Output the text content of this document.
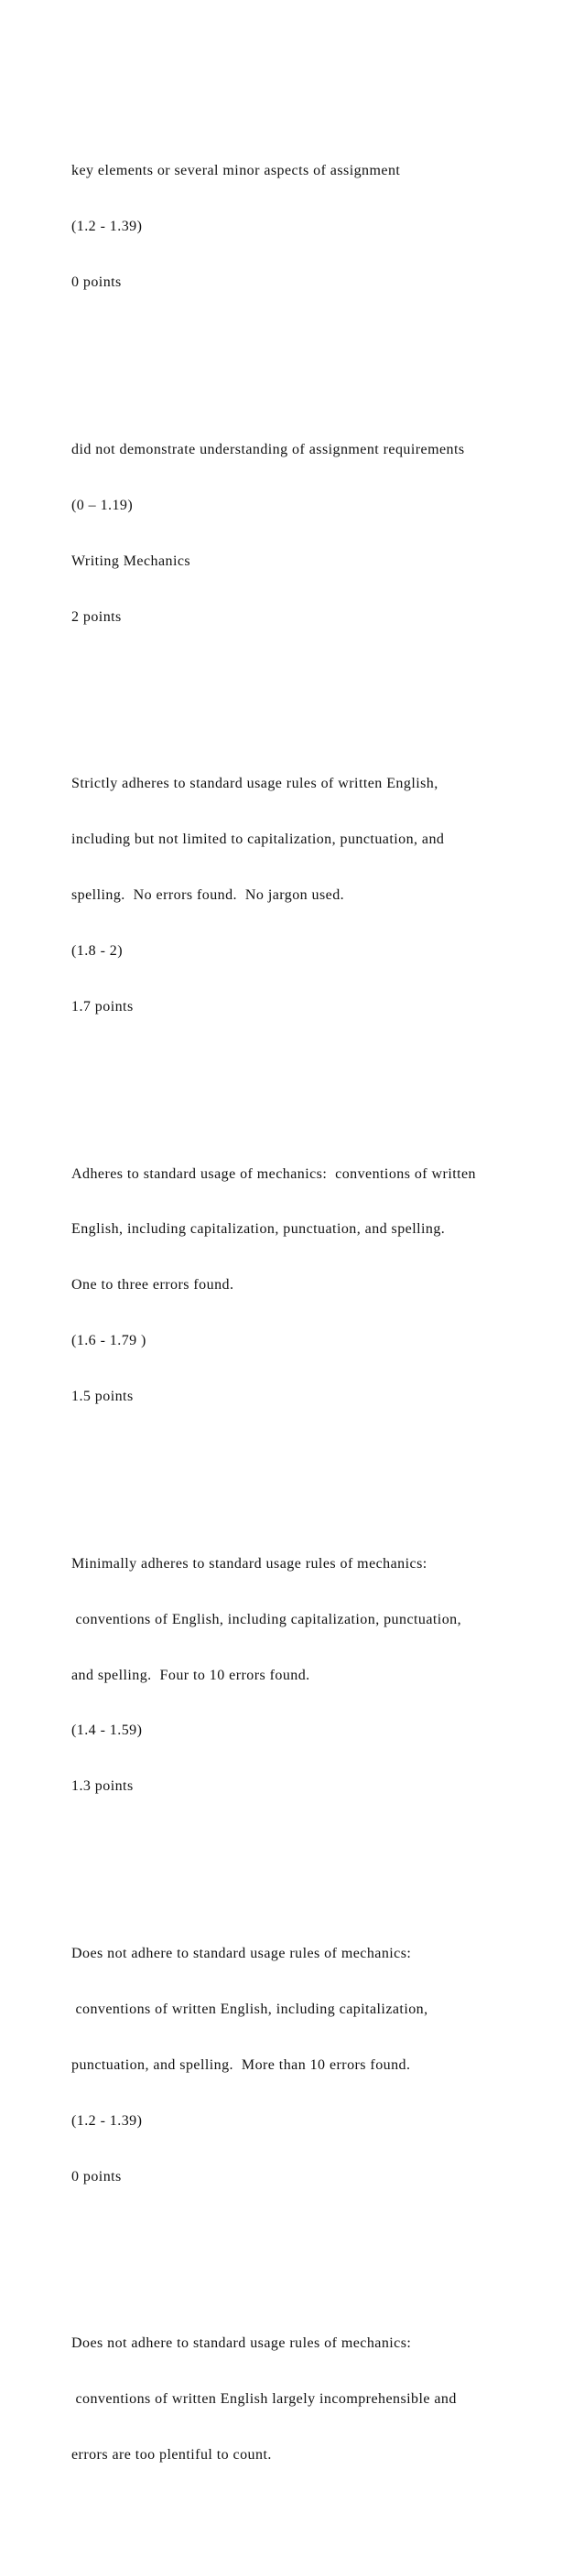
key elements or several minor aspects of assignment

(1.2 - 1.39)

0 points

did not demonstrate understanding of assignment requirements

(0 – 1.19)

Writing Mechanics

2 points

Strictly adheres to standard usage rules of written English,

including but not limited to capitalization, punctuation, and

spelling.  No errors found.  No jargon used.

(1.8 - 2)

1.7 points

Adheres to standard usage of mechanics:  conventions of written

English, including capitalization, punctuation, and spelling.

One to three errors found.

(1.6 - 1.79 )

1.5 points

Minimally adheres to standard usage rules of mechanics:

conventions of English, including capitalization, punctuation,

and spelling.  Four to 10 errors found.

(1.4 - 1.59)

1.3 points

Does not adhere to standard usage rules of mechanics:

conventions of written English, including capitalization,

punctuation, and spelling.  More than 10 errors found.

(1.2 - 1.39)

0 points

Does not adhere to standard usage rules of mechanics:

conventions of written English largely incomprehensible and

errors are too plentiful to count.
